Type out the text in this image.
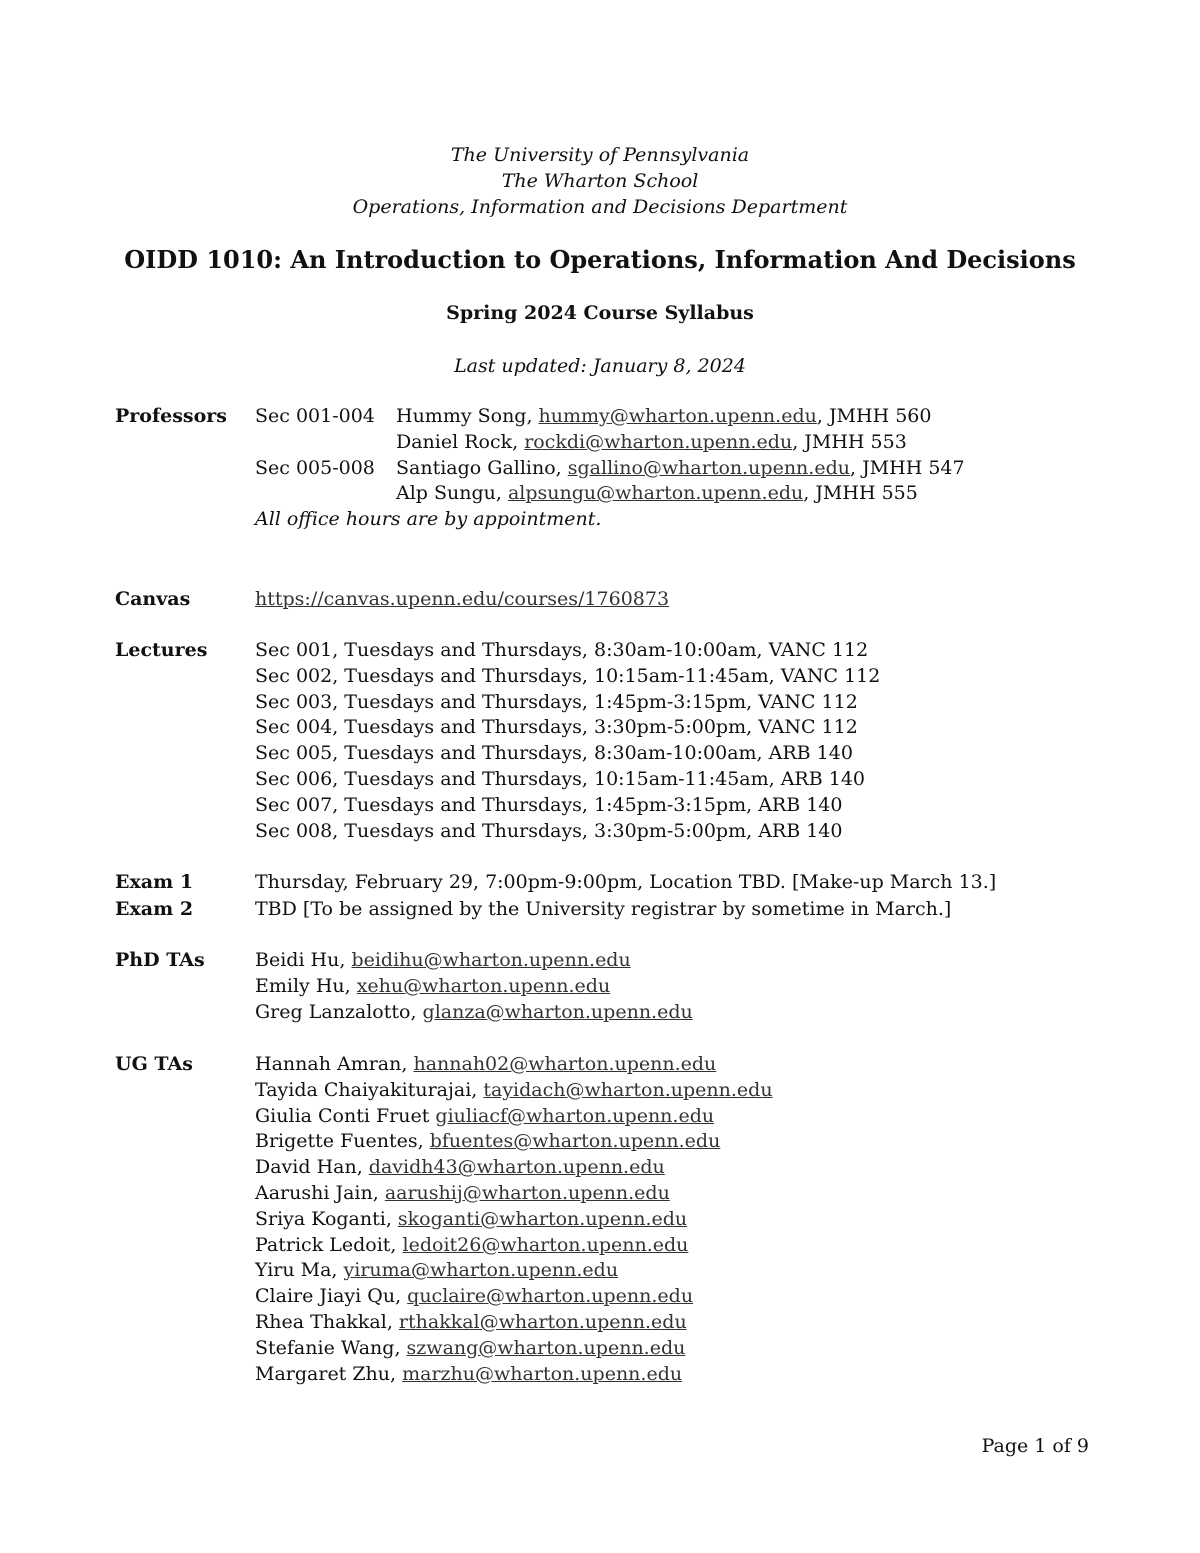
The University of Pennsylvania
The Wharton School
Operations, Information and Decisions Department
OIDD 1010: An Introduction to Operations, Information And Decisions
Spring 2024 Course Syllabus
Last updated: January 8, 2024
Professors Sec 001-004 Hummy Song, hummy@wharton.upenn.edu, JMHH 560
Daniel Rock, rockdi@wharton.upenn.edu, JMHH 553
Sec 005-008 Santiago Gallino, sgallino@wharton.upenn.edu, JMHH 547
Alp Sungu, alpsungu@wharton.upenn.edu, JMHH 555
All office hours are by appointment.
Canvas	https://canvas.upenn.edu/courses/1760873
Lectures	Sec 001, Tuesdays and Thursdays, 8:30am-10:00am, VANC 112
Sec 002, Tuesdays and Thursdays, 10:15am-11:45am, VANC 112
Sec 003, Tuesdays and Thursdays, 1:45pm-3:15pm, VANC 112
Sec 004, Tuesdays and Thursdays, 3:30pm-5:00pm, VANC 112
Sec 005, Tuesdays and Thursdays, 8:30am-10:00am, ARB 140
Sec 006, Tuesdays and Thursdays, 10:15am-11:45am, ARB 140
Sec 007, Tuesdays and Thursdays, 1:45pm-3:15pm, ARB 140
Sec 008, Tuesdays and Thursdays, 3:30pm-5:00pm, ARB 140
Exam 1	Thursday, February 29, 7:00pm-9:00pm, Location TBD. [Make-up March 13.]
Exam 2	TBD [To be assigned by the University registrar by sometime in March.]
PhD TAs	Beidi Hu, beidihu@wharton.upenn.edu
Emily Hu, xehu@wharton.upenn.edu
Greg Lanzalotto, glanza@wharton.upenn.edu
UG TAs	Hannah Amran, hannah02@wharton.upenn.edu
Tayida Chaiyakiturajai, tayidach@wharton.upenn.edu
Giulia Conti Fruet giuliacf@wharton.upenn.edu
Brigette Fuentes, bfuentes@wharton.upenn.edu
David Han, davidh43@wharton.upenn.edu
Aarushi Jain, aarushij@wharton.upenn.edu
Sriya Koganti, skoganti@wharton.upenn.edu
Patrick Ledoit, ledoit26@wharton.upenn.edu
Yiru Ma, yiruma@wharton.upenn.edu
Claire Jiayi Qu, quclaire@wharton.upenn.edu
Rhea Thakkal, rthakkal@wharton.upenn.edu
Stefanie Wang, szwang@wharton.upenn.edu
Margaret Zhu, marzhu@wharton.upenn.edu
Page 1 of 9
